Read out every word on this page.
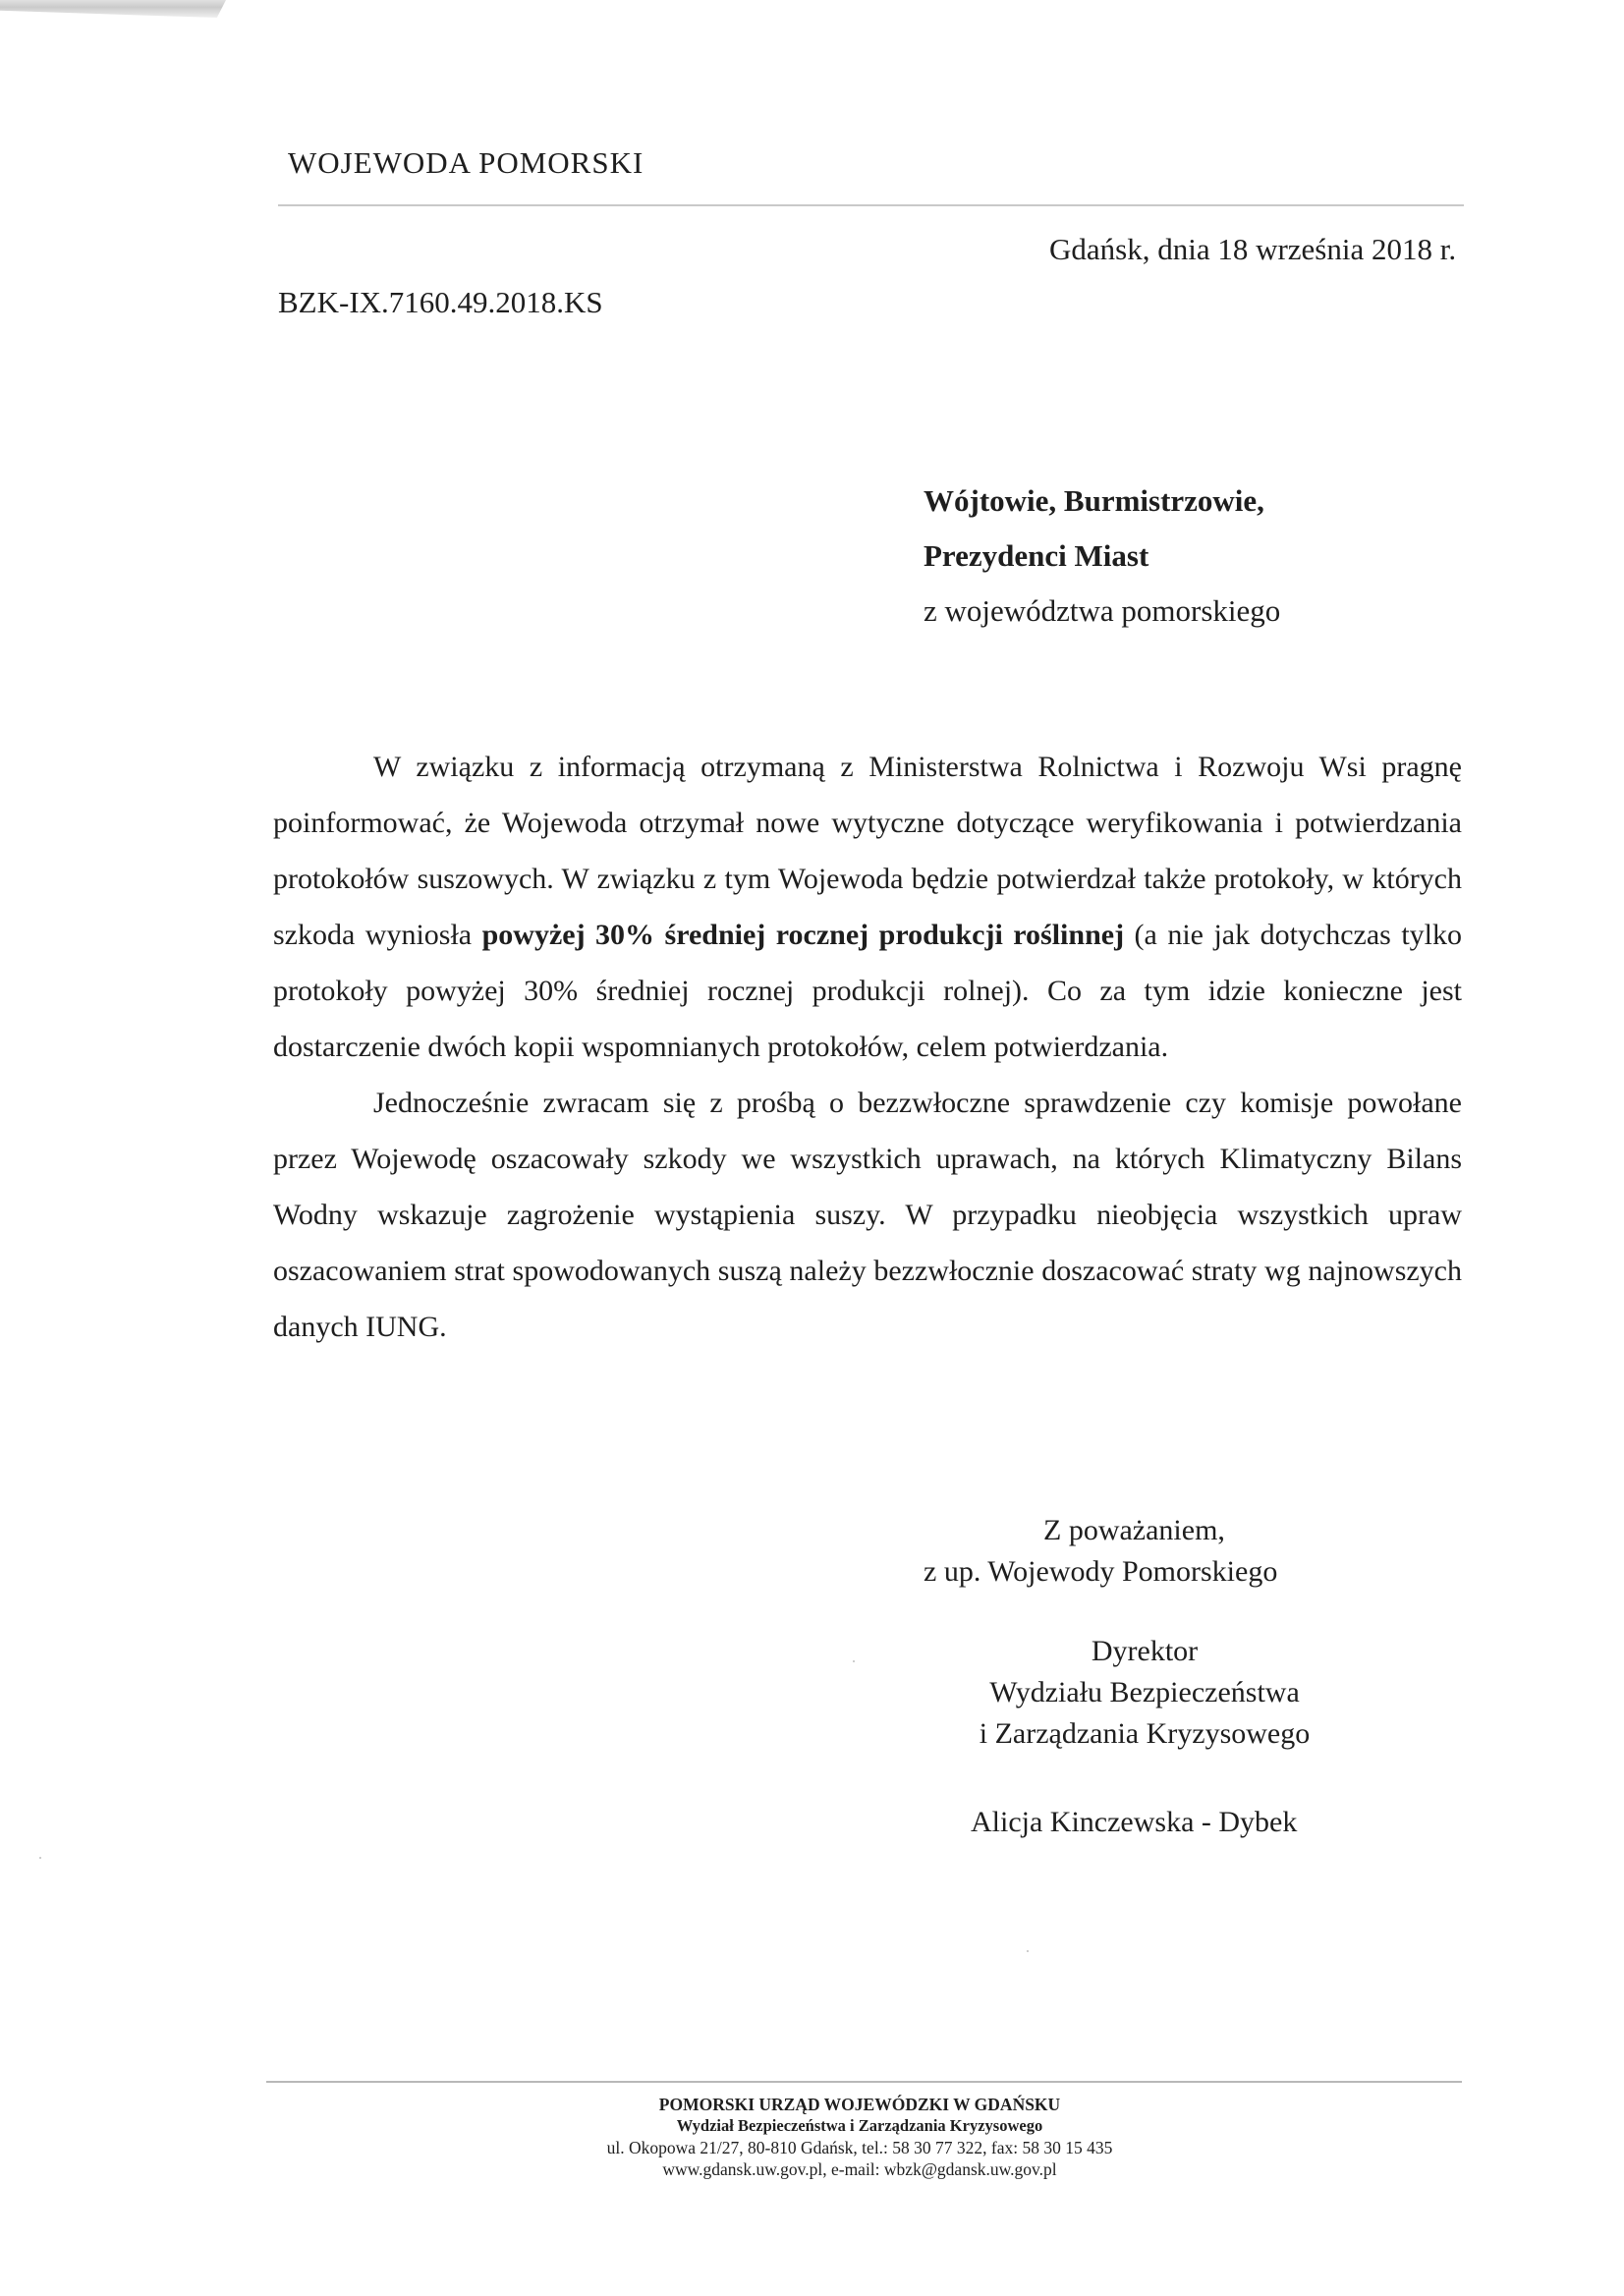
WOJEWODA POMORSKI
Gdańsk, dnia 18 września 2018 r.
BZK-IX.7160.49.2018.KS
Wójtowie, Burmistrzowie,
Prezydenci Miast
z województwa pomorskiego

W związku z informacją otrzymaną z Ministerstwa Rolnictwa i Rozwoju Wsi pragnę poinformować, że Wojewoda otrzymał nowe wytyczne dotyczące weryfikowania i potwierdzania protokołów suszowych. W związku z tym Wojewoda będzie potwierdzał także protokoły, w których szkoda wyniosła powyżej 30% średniej rocznej produkcji roślinnej (a nie jak dotychczas tylko protokoły powyżej 30% średniej rocznej produkcji rolnej). Co za tym idzie konieczne jest dostarczenie dwóch kopii wspomnianych protokołów, celem potwierdzania.

Jednocześnie zwracam się z prośbą o bezzwłoczne sprawdzenie czy komisje powołane przez Wojewodę oszacowały szkody we wszystkich uprawach, na których Klimatyczny Bilans Wodny wskazuje zagrożenie wystąpienia suszy. W przypadku nieobjęcia wszystkich upraw oszacowaniem strat spowodowanych suszą należy bezzwłocznie doszacować straty wg najnowszych danych IUNG.

Z poważaniem,
z up. Wojewody Pomorskiego
Dyrektor
Wydziału Bezpieczeństwa
i Zarządzania Kryzysowego
Alicja Kinczewska - Dybek
POMORSKI URZĄD WOJEWÓDZKI W GDAŃSKU
Wydział Bezpieczeństwa i Zarządzania Kryzysowego
ul. Okopowa 21/27, 80-810 Gdańsk, tel.: 58 30 77 322, fax: 58 30 15 435
www.gdansk.uw.gov.pl, e-mail: wbzk@gdansk.uw.gov.pl
